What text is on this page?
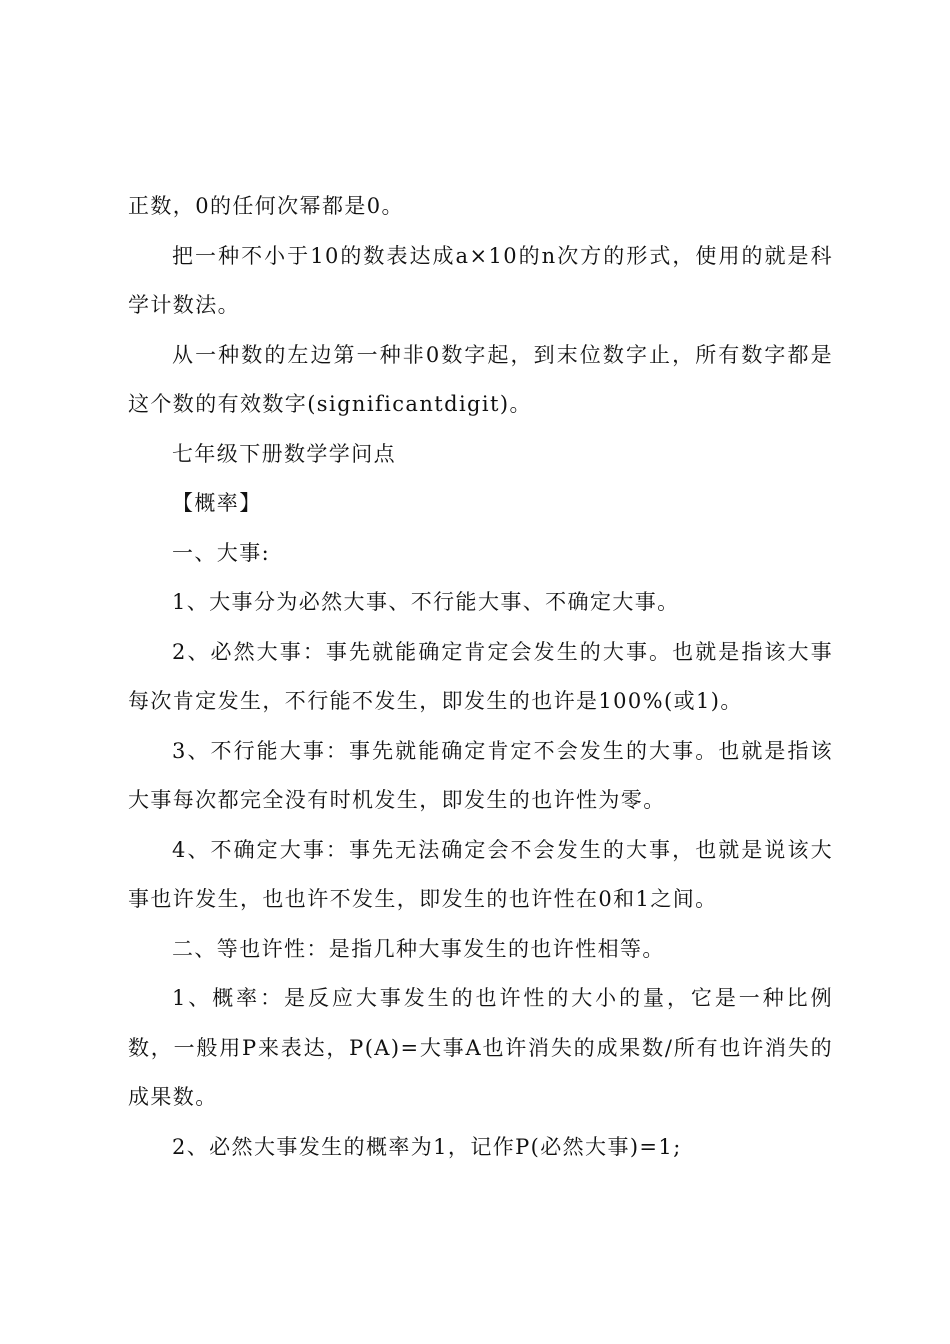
正数，0的任何次幂都是0。

把一种不小于10的数表达成a×10的n次方的形式，使用的就是科学计数法。

从一种数的左边第一种非0数字起，到末位数字止，所有数字都是这个数的有效数字(significantdigit)。

七年级下册数学学问点

【概率】

一、大事:

1、大事分为必然大事、不行能大事、不确定大事。

2、必然大事：事先就能确定肯定会发生的大事。也就是指该大事每次肯定发生，不行能不发生，即发生的也许是100%(或1)。

3、不行能大事：事先就能确定肯定不会发生的大事。也就是指该大事每次都完全没有时机发生，即发生的也许性为零。

4、不确定大事：事先无法确定会不会发生的大事，也就是说该大事也许发生，也也许不发生，即发生的也许性在0和1之间。

二、等也许性：是指几种大事发生的也许性相等。

1、概率：是反应大事发生的也许性的大小的量，它是一种比例数，一般用P来表达，P(A)=大事A也许消失的成果数/所有也许消失的成果数。

2、必然大事发生的概率为1，记作P(必然大事)=1;
